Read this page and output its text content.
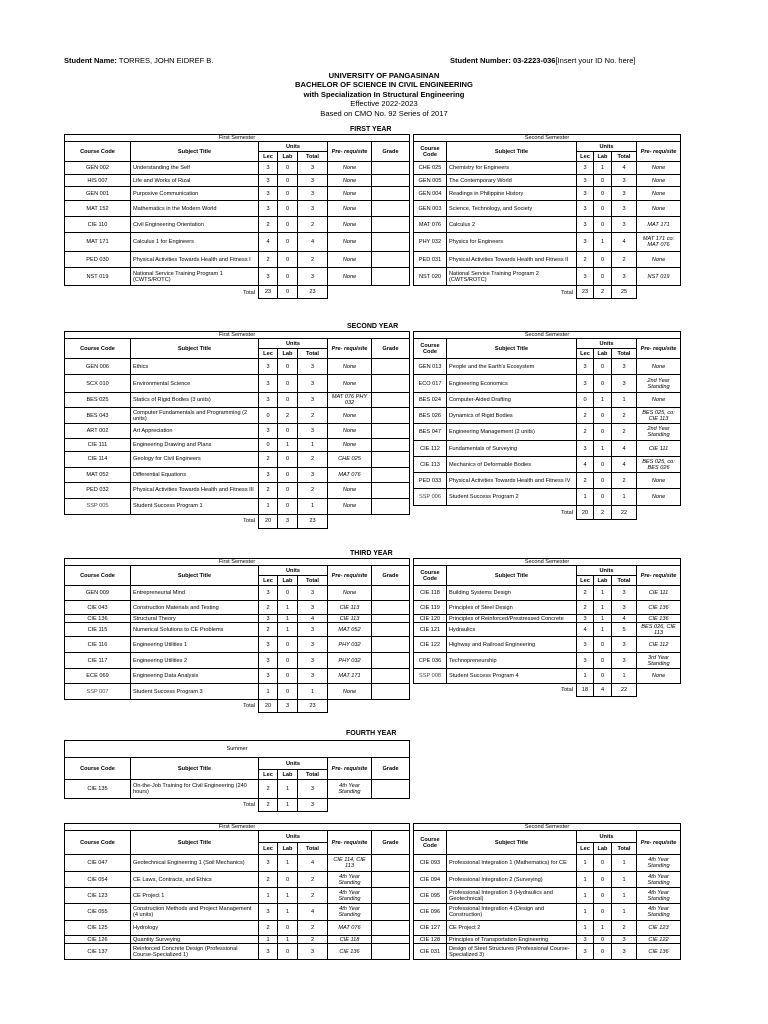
Student Name: TORRES, JOHN EIDREF B.	Student Number: 03-2223-036[Insert your ID No. here]
UNIVERSITY OF PANGASINAN
BACHELOR OF SCIENCE IN CIVIL ENGINEERING
with Specialization In Structural Engineering
Effective 2022-2023
Based on CMO No. 92 Series of 2017
FIRST YEAR
SECOND YEAR
THIRD YEAR
FOURTH YEAR
First Semester						
Course Code	Subject Title	Units			Pre- requisite	Grade
		Lec	Lab	Total		
GEN 002	Understanding the Self	3	0	3	None	
HIS 007	Life and Works of Rizal	3	0	3	None	
GEN 001	Purposive Communication	3	0	3	None	
MAT 152	Mathematics in the Modern World	3	0	3	None	
CIE 110	Civil Engineering Orientation	2	0	2	None	
MAT 171	Calculus 1 for Engineers	4	0	4	None	
PED 030	Physical Activities Towards Health and Fitness I	2	0	2	None	
NST 019	National Service Training Program 1 (CWTS/ROTC)	3	0	3	None	
Total		23	0	23		
Second Semester					
Course Code	Subject Title	Units			Pre- requisite
		Lec	Lab	Total	
CHE 025	Chemistry for Engineers	3	1	4	None
GEN 005	The Contemporary World	3	0	3	None
GEN 004	Readings in Philippine History	3	0	3	None
GEN 003	Science, Technology, and Society	3	0	3	None
MAT 076	Calculus 2	3	0	3	MAT 171
PHY 032	Physics for Engineers	3	1	4	MAT 171 co: MAT 076
PED 031	Physical Activities Towards Health and Fitness II	2	0	2	None
NST 020	National Service Training Program 2 (CWTS/ROTC)	3	0	3	NST 019
Total		23	2	25	
First Semester						
Course Code	Subject Title	Units			Pre- requisite	Grade
		Lec	Lab	Total		
GEN 006	Ethics	3	0	3	None	
SCX 010	Environmental Science	3	0	3	None	
BES 025	Statics of Rigid Bodies (3 units)	3	0	3	MAT 076 PHY 032	
BES 043	Computer Fundamentals and Programming (2 units)	0	2	2	None	
ART 002	Art Appreciation	3	0	3	None	
CIE 111	Engineering Drawing and Plans	0	1	1	None	
CIE 114	Geology for Civil Engineers	2	0	2	CHE 025	
MAT 052	Differential Equations	3	0	3	MAT 076	
PED 032	Physical Activities Towards Health and Fitness III	2	0	2	None	
SSP 005	Student Success Program 1	1	0	1	None	
Total		20	3	23		
Second Semester					
Course Code	Subject Title	Units			Pre- requisite
		Lec	Lab	Total	
GEN 013	People and the Earth's Ecosystem	3	0	3	None
ECO 017	Engineering Economics	3	0	3	2nd Year Standing
BES 024	Computer-Aided Drafting	0	1	1	None
BES 026	Dynamics of Rigid Bodies	2	0	2	BES 025, co: CIE 113
BES 047	Engineering Management (2 units)	2	0	2	2nd Year Standing
CIE 112	Fundamentals of Surveying	3	1	4	CIE 111
CIE 113	Mechanics of Deformable Bodies	4	0	4	BES 025, co: BES 026
PED 033	Physical Activities Towards Health and Fitness IV	2	0	2	None
SSP 006	Student Success Program 2	1	0	1	None
Total		20	2	22	
First Semester						
Course Code	Subject Title	Units			Pre- requisite	Grade
		Lec	Lab	Total		
GEN 009	Entrepreneurial Mind	3	0	3	None	
CIE 043	Construction Materials and Testing	2	1	3	CIE 113	
CIE 136	Structural Theory	3	1	4	CIE 113	
CIE 115	Numerical Solutions to CE Problems	2	1	3	MAT 052	
CIE 116	Engineering Utilities 1	3	0	3	PHY 032	
CIE 117	Engineering Utilities 2	3	0	3	PHY 032	
ECE 069	Engineering Data Analysis	3	0	3	MAT 171	
SSP 007	Student Success Program 3	1	0	1	None	
Total		20	3	23		
Second Semester					
Course Code	Subject Title	Units			Pre- requisite
		Lec	Lab	Total	
CIE 118	Building Systems Design	2	1	3	CIE 111
CIE 119	Principles of Steel Design	2	1	3	CIE 136
CIE 120	Principles of Reinforced/Prestressed Concrete	3	1	4	CIE 136
CIE 121	Hydraulics	4	1	5	BES 026, CIE 113
CIE 122	Highway and Railroad Engineering	3	0	3	CIE 112
CPE 036	Technopreneurship	3	0	3	3rd Year Standing
SSP 008	Student Success Program 4	1	0	1	None
Total		18	4	22	
Summer						
Course Code	Subject Title	Units			Pre- requisite	Grade
		Lec	Lab	Total		
CIE 135	On-the-Job Training for Civil Engineering (240 hours)	2	1	3	4th Year Standing	
Total		2	1	3		
First Semester						
Course Code	Subject Title	Units			Pre- requisite	Grade
		Lec	Lab	Total		
CIE 047	Geotechnical Engineering 1 (Soil Mechanics)	3	1	4	CIE 114, CIE 113	
CIE 054	CE Laws, Contracts, and Ethics	2	0	2	4th Year Standing	
CIE 123	CE Project 1	1	1	2	4th Year Standing	
CIE 055	Construction Methods and Project Management (4 units)	3	1	4	4th Year Standing	
CIE 125	Hydrology	2	0	2	MAT 076	
CIE 126	Quantity Surveying	1	1	2	CIE 118	
CIE 137	Reinforced Concrete Design (Professional Course-Specialized 1)	3	0	3	CIE 136	
Second Semester					
Course Code	Subject Title	Units			Pre- requisite
		Lec	Lab	Total	
CIE 093	Professional Integration 1 (Mathematics) for CE	1	0	1	4th Year Standing
CIE 094	Professional Integration 2 (Surveying)	1	0	1	4th Year Standing
CIE 095	Professional Integration 3 (Hydraulics and Geotechnical)	1	0	1	4th Year Standing
CIE 096	Professional Integration 4 (Design and Construction)	1	0	1	4th Year Standing
CIE 127	CE Project 2	1	1	2	CIE 123
CIE 128	Principles of Transportation Engineering	3	0	3	CIE 122
CIE 031	Design of Steel Structures (Professional Course-Specialized 3)	3	0	3	CIE 136
